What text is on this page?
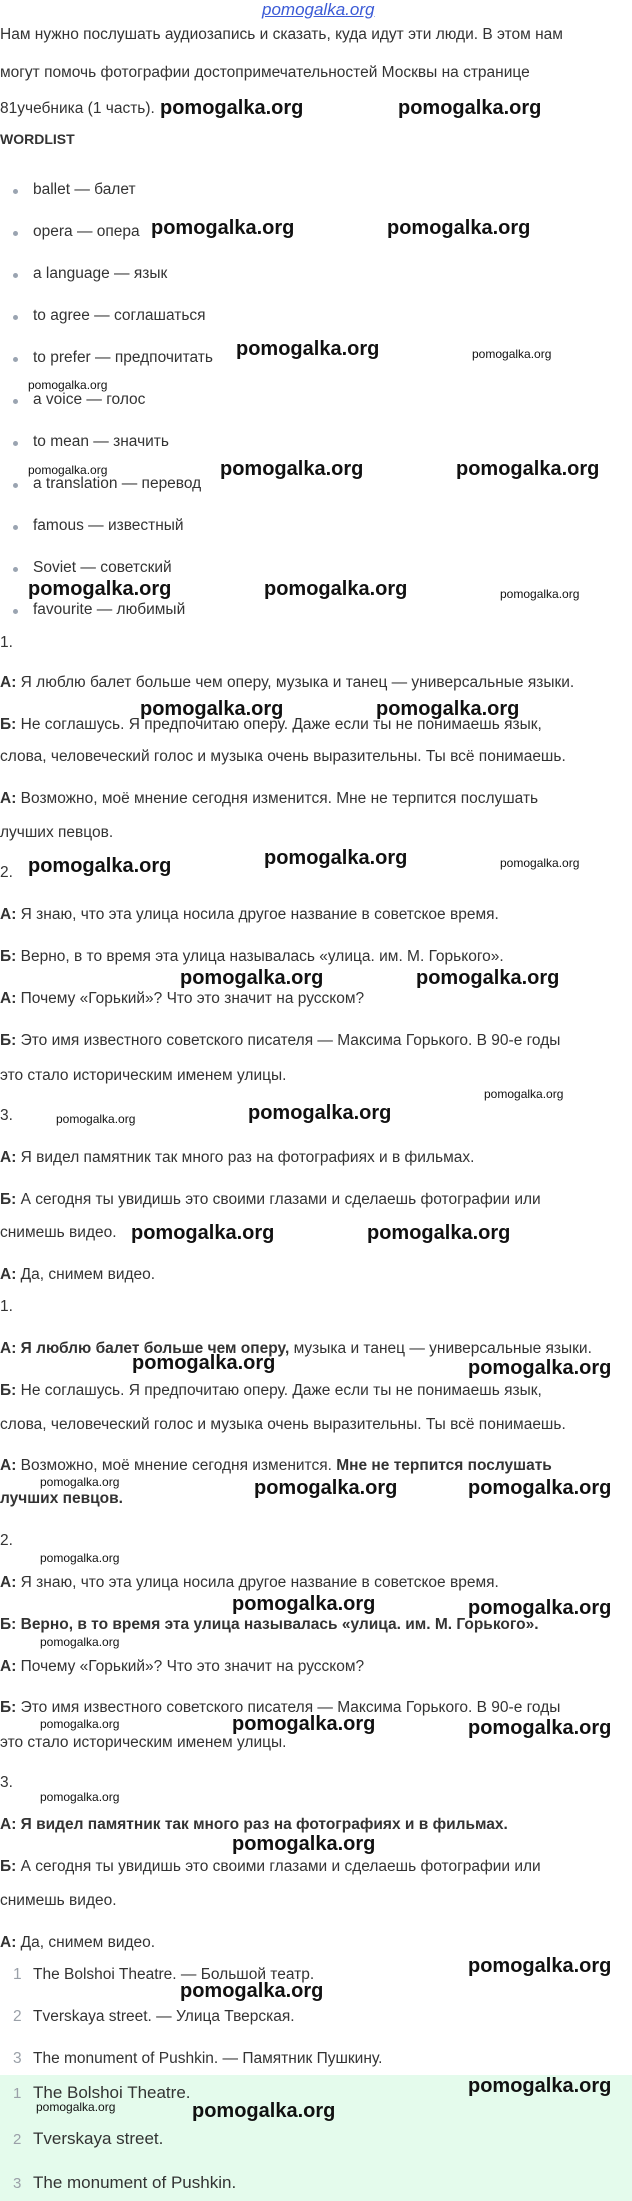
pomogalka.org
Нам нужно послушать аудиозапись и сказать, куда идут эти люди. В этом нам
могут помочь фотографии достопримечательностей Москвы на странице
81учебника (1 часть).
WORDLIST
ballet — балет
opera — опера
a language — язык
to agree — соглашаться
to prefer — предпочитать
a voice — голос
to mean — значить
a translation — перевод
famous — известный
Soviet — советский
favourite — любимый
1.
А: Я люблю балет больше чем оперу, музыка и танец — универсальные языки.
Б: Не соглашусь. Я предпочитаю оперу. Даже если ты не понимаешь язык,
слова, человеческий голос и музыка очень выразительны. Ты всё понимаешь.
А: Возможно, моё мнение сегодня изменится. Мне не терпится послушать
лучших певцов.
2.
А: Я знаю, что эта улица носила другое название в советское время.
Б: Верно, в то время эта улица называлась «улица. им. М. Горького».
А: Почему «Горький»? Что это значит на русском?
Б: Это имя известного советского писателя — Максима Горького. В 90-е годы
это стало историческим именем улицы.
3.
А: Я видел памятник так много раз на фотографиях и в фильмах.
Б: А сегодня ты увидишь это своими глазами и сделаешь фотографии или
снимешь видео.
А: Да, снимем видео.
1.
А: Я люблю балет больше чем оперу, музыка и танец — универсальные языки.
Б: Не соглашусь. Я предпочитаю оперу. Даже если ты не понимаешь язык,
слова, человеческий голос и музыка очень выразительны. Ты всё понимаешь.
А: Возможно, моё мнение сегодня изменится. Мне не терпится послушать
лучших певцов.
2.
А: Я знаю, что эта улица носила другое название в советское время.
Б: Верно, в то время эта улица называлась «улица. им. М. Горького».
А: Почему «Горький»? Что это значит на русском?
Б: Это имя известного советского писателя — Максима Горького. В 90-е годы
это стало историческим именем улицы.
3.
А: Я видел памятник так много раз на фотографиях и в фильмах.
Б: А сегодня ты увидишь это своими глазами и сделаешь фотографии или
снимешь видео.
А: Да, снимем видео.
1 The Bolshoi Theatre. — Большой театр.
2 Tverskaya street. — Улица Тверская.
3 The monument of Pushkin. — Памятник Пушкину.
1 The Bolshoi Theatre.
2 Tverskaya street.
3 The monument of Pushkin.
pomogalka.org	pomogalka.org
pomogalka.org	pomogalka.org
pomogalka.org	pomogalka.org
pomogalka.org
pomogalka.org	pomogalka.org	pomogalka.org
pomogalka.org	pomogalka.org	pomogalka.org
pomogalka.org	pomogalka.org
pomogalka.org	pomogalka.org	pomogalka.org
pomogalka.org	pomogalka.org
pomogalka.org
pomogalka.org	pomogalka.org
pomogalka.org	pomogalka.org
pomogalka.org	pomogalka.org
pomogalka.org	pomogalka.org	pomogalka.org
pomogalka.org
pomogalka.org	pomogalka.org
pomogalka.org
pomogalka.org	pomogalka.org	pomogalka.org
pomogalka.org
pomogalka.org
pomogalka.org
pomogalka.org
pomogalka.org
pomogalka.org
pomogalka.org
